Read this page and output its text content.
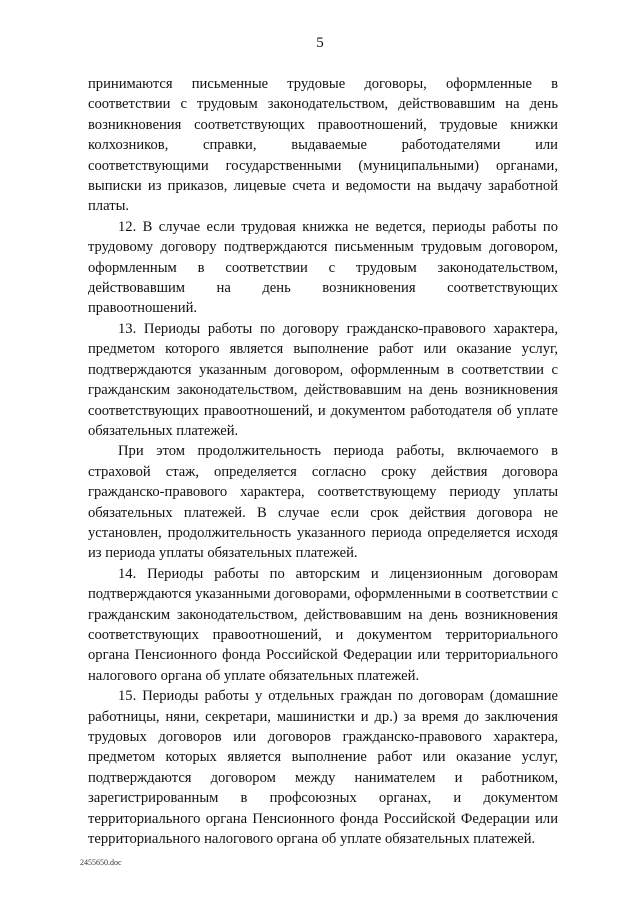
5

принимаются письменные трудовые договоры, оформленные в соответствии с трудовым законодательством, действовавшим на день возникновения соответствующих правоотношений, трудовые книжки колхозников, справки, выдаваемые работодателями или соответствующими государственными (муниципальными) органами, выписки из приказов, лицевые счета и ведомости на выдачу заработной платы.

12. В случае если трудовая книжка не ведется, периоды работы по трудовому договору подтверждаются письменным трудовым договором, оформленным в соответствии с трудовым законодательством, действовавшим на день возникновения соответствующих правоотношений.

13. Периоды работы по договору гражданско-правового характера, предметом которого является выполнение работ или оказание услуг, подтверждаются указанным договором, оформленным в соответствии с гражданским законодательством, действовавшим на день возникновения соответствующих правоотношений, и документом работодателя об уплате обязательных платежей.

При этом продолжительность периода работы, включаемого в страховой стаж, определяется согласно сроку действия договора гражданско-правового характера, соответствующему периоду уплаты обязательных платежей. В случае если срок действия договора не установлен, продолжительность указанного периода определяется исходя из периода уплаты обязательных платежей.

14. Периоды работы по авторским и лицензионным договорам подтверждаются указанными договорами, оформленными в соответствии с гражданским законодательством, действовавшим на день возникновения соответствующих правоотношений, и документом территориального органа Пенсионного фонда Российской Федерации или территориального налогового органа об уплате обязательных платежей.

15. Периоды работы у отдельных граждан по договорам (домашние работницы, няни, секретари, машинистки и др.) за время до заключения трудовых договоров или договоров гражданско-правового характера, предметом которых является выполнение работ или оказание услуг, подтверждаются договором между нанимателем и работником, зарегистрированным в профсоюзных органах, и документом территориального органа Пенсионного фонда Российской Федерации или территориального налогового органа об уплате обязательных платежей.

2455650.doc
